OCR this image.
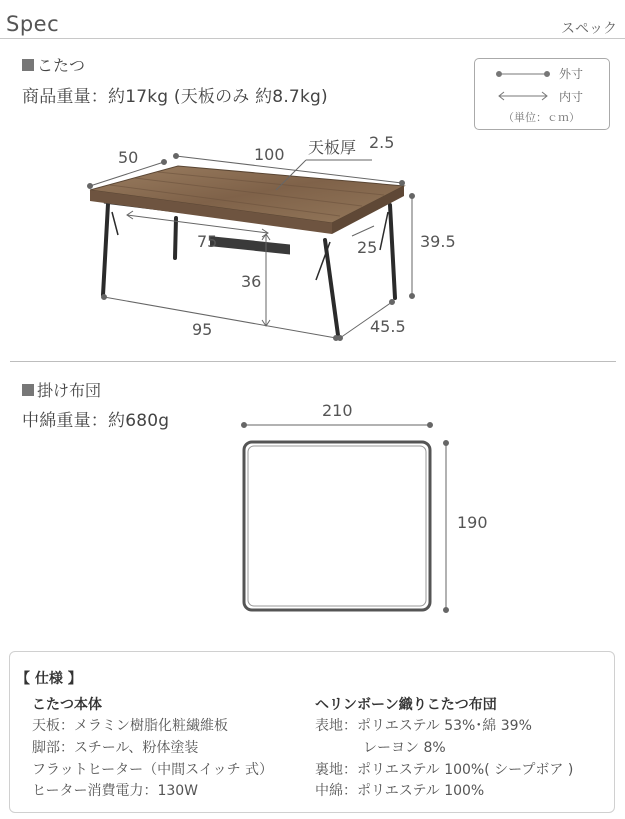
Spec	スペック
こたつ
商品重量：約17kg (天板のみ 約8.7kg)
外寸
内寸
（単位：ｃｍ）
50	100 天板厚 2.5
75	25	39.5
36
95	45.5
掛け布団
中綿重量：約680g
210
190
【 仕様 】
こたつ本体
天板：メラミン樹脂化粧繊維板
脚部：スチール、粉体塗装
フラットヒーター（中間スイッチ 式）
ヒーター消費電力：130W
ヘリンボーン織りこたつ布団
表地：ポリエステル 53%･綿 39%
レーヨン 8%
裏地：ポリエステル 100%( シープボア )
中綿：ポリエステル 100%
